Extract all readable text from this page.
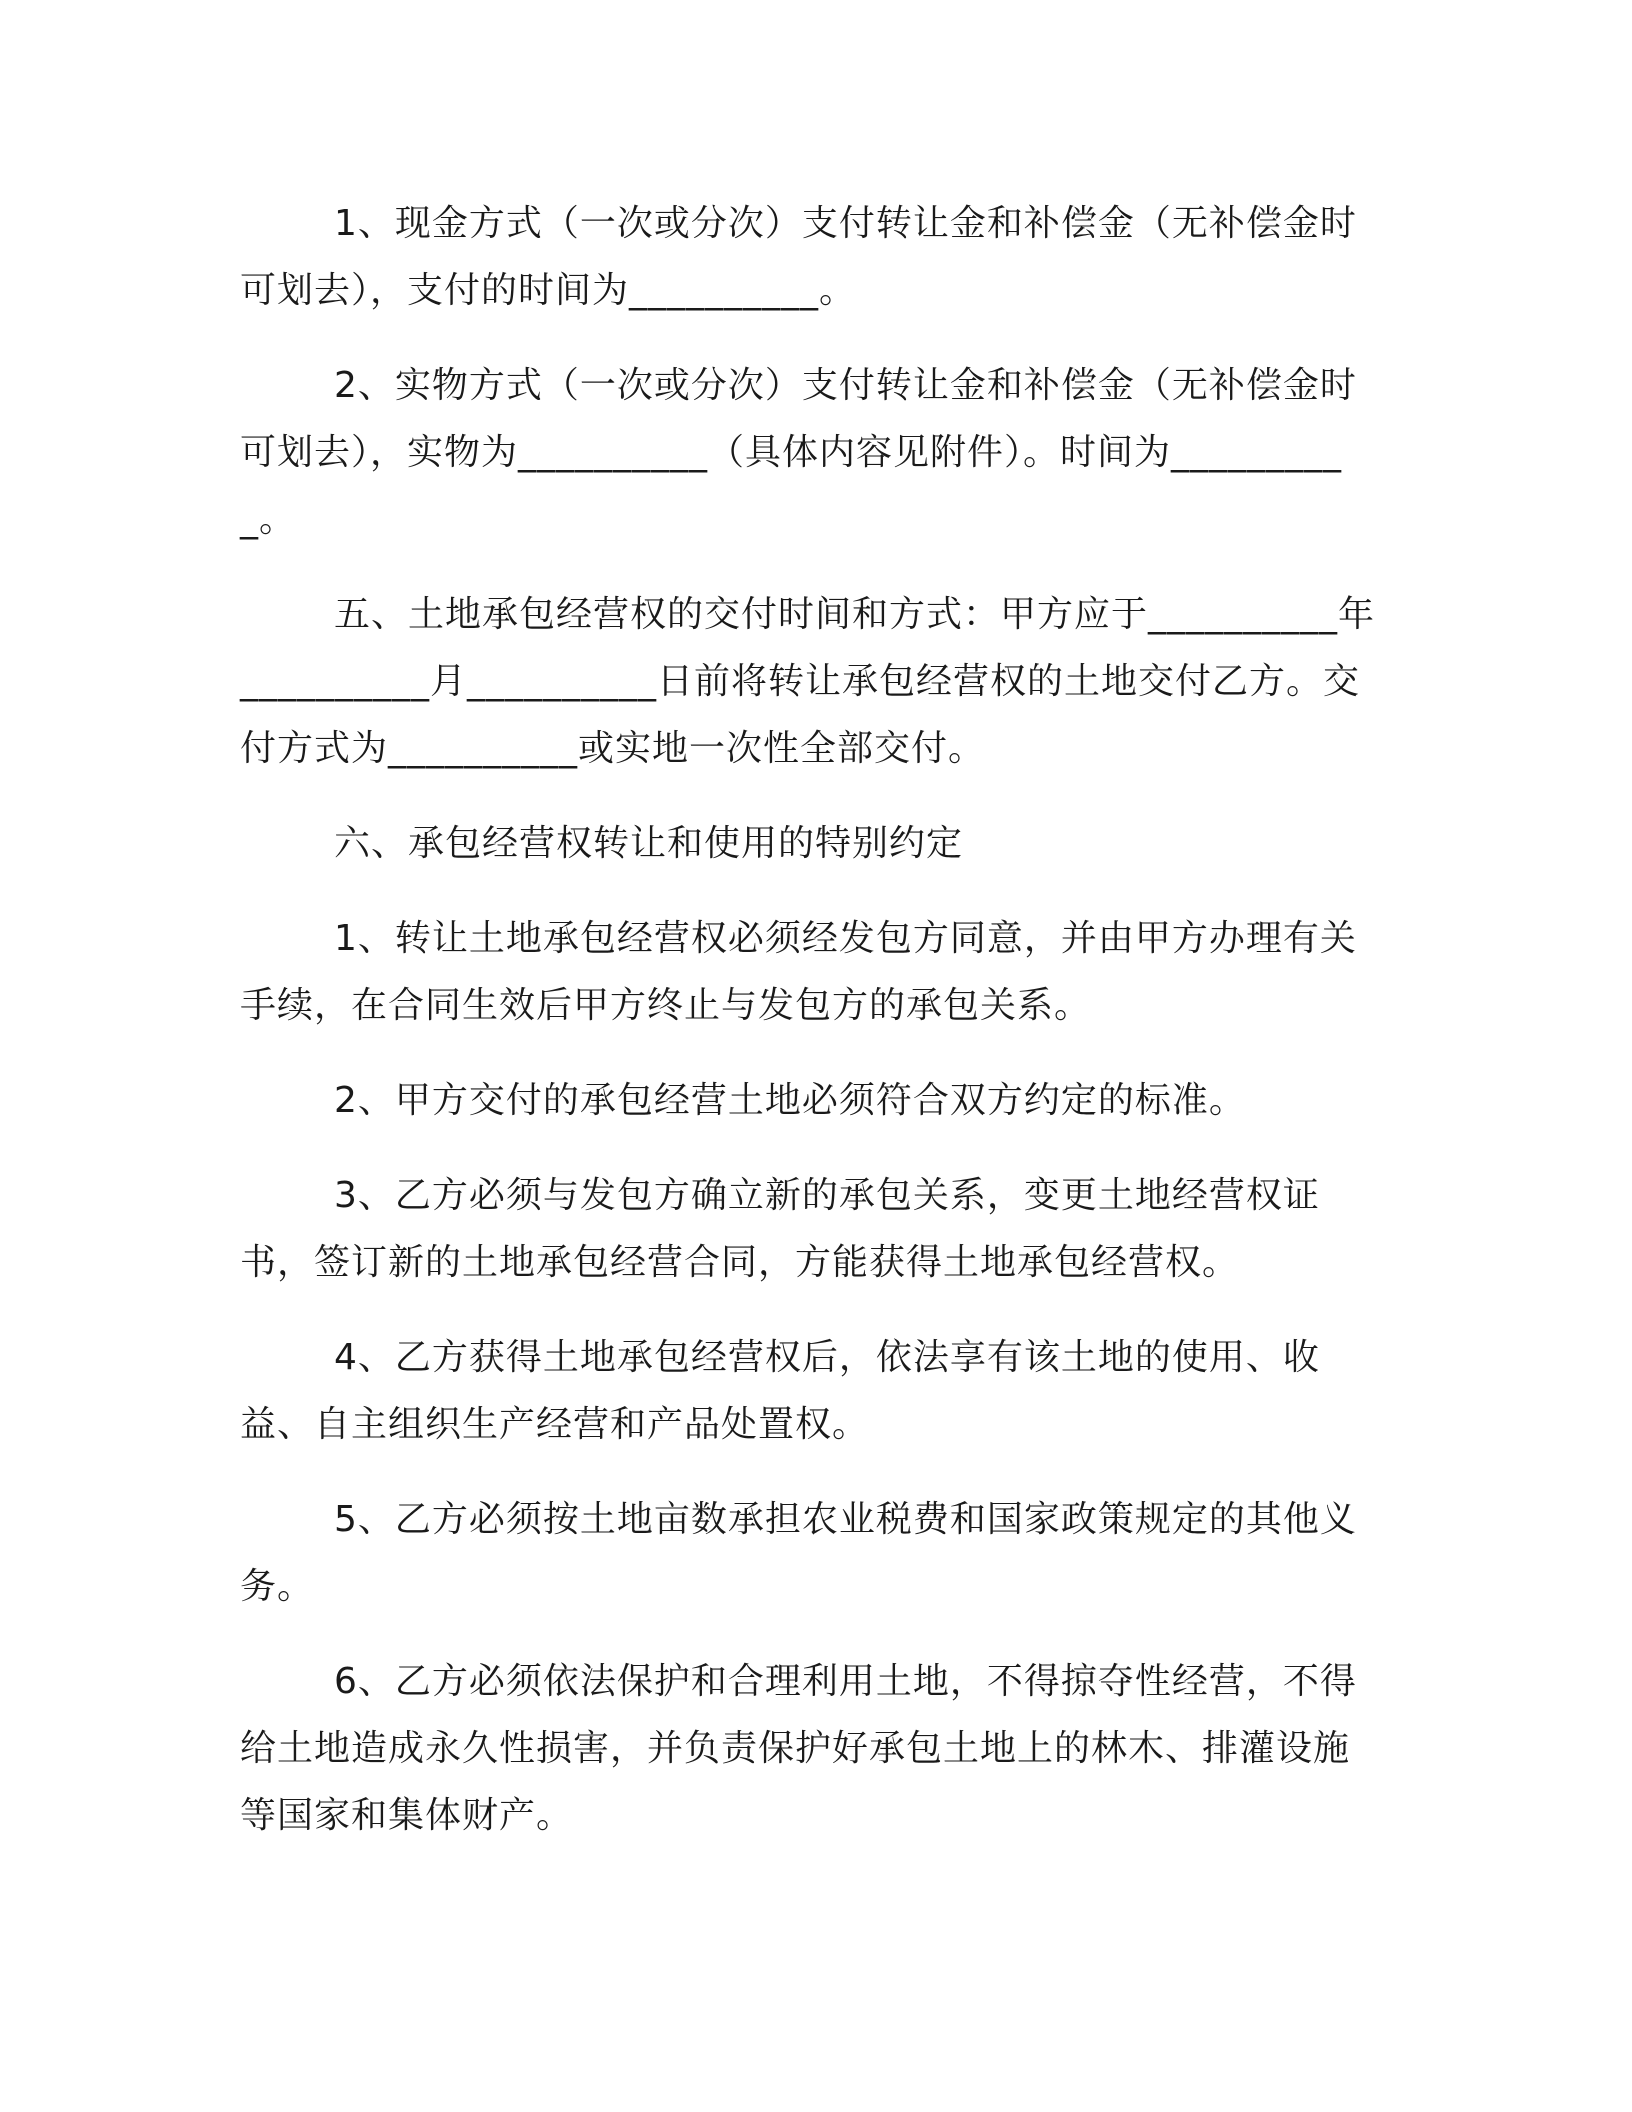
1、现金方式（一次或分次）支付转让金和补偿金（无补偿金时可划去），支付的时间为__________。

2、实物方式（一次或分次）支付转让金和补偿金（无补偿金时可划去），实物为__________（具体内容见附件）。时间为__________。

五、土地承包经营权的交付时间和方式：甲方应于__________年__________月__________日前将转让承包经营权的土地交付乙方。交付方式为__________或实地一次性全部交付。

六、承包经营权转让和使用的特别约定

1、转让土地承包经营权必须经发包方同意，并由甲方办理有关手续，在合同生效后甲方终止与发包方的承包关系。

2、甲方交付的承包经营土地必须符合双方约定的标准。

3、乙方必须与发包方确立新的承包关系，变更土地经营权证书，签订新的土地承包经营合同，方能获得土地承包经营权。

4、乙方获得土地承包经营权后，依法享有该土地的使用、收益、自主组织生产经营和产品处置权。

5、乙方必须按土地亩数承担农业税费和国家政策规定的其他义务。

6、乙方必须依法保护和合理利用土地，不得掠夺性经营，不得给土地造成永久性损害，并负责保护好承包土地上的林木、排灌设施等国家和集体财产。
